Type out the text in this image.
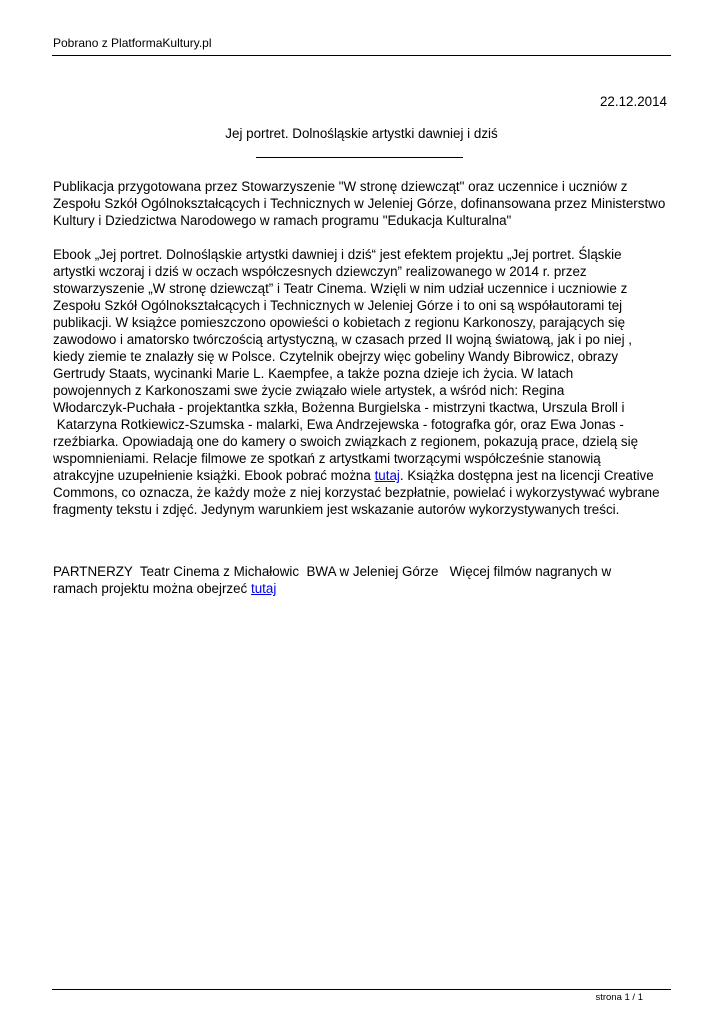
Pobrano z PlatformaKultury.pl
22.12.2014
Jej portret. Dolnośląskie artystki dawniej i dziś
Publikacja przygotowana przez Stowarzyszenie "W stronę dziewcząt" oraz uczennice i uczniów z
Zespołu Szkół Ogólnokształcących i Technicznych w Jeleniej Górze, dofinansowana przez Ministerstwo
Kultury i Dziedzictwa Narodowego w ramach programu "Edukacja Kulturalna"
Ebook „Jej portret. Dolnośląskie artystki dawniej i dziś“ jest efektem projektu „Jej portret. Śląskie
artystki wczoraj i dziś w oczach współczesnych dziewczyn” realizowanego w 2014 r. przez
stowarzyszenie „W stronę dziewcząt” i Teatr Cinema. Wzięli w nim udział uczennice i uczniowie z
Zespołu Szkół Ogólnokształcących i Technicznych w Jeleniej Górze i to oni są współautorami tej
publikacji. W książce pomieszczono opowieści o kobietach z regionu Karkonoszy, parających się
zawodowo i amatorsko twórczością artystyczną, w czasach przed II wojną światową, jak i po niej ,
kiedy ziemie te znalazły się w Polsce. Czytelnik obejrzy więc gobeliny Wandy Bibrowicz, obrazy
Gertrudy Staats, wycinanki Marie L. Kaempfee, a także pozna dzieje ich życia. W latach
powojennych z Karkonoszami swe życie związało wiele artystek, a wśród nich: Regina
Włodarczyk-Puchała - projektantka szkła, Bożenna Burgielska - mistrzyni tkactwa, Urszula Broll i
Katarzyna Rotkiewicz-Szumska - malarki, Ewa Andrzejewska - fotografka gór, oraz Ewa Jonas -
rzeźbiarka. Opowiadają one do kamery o swoich związkach z regionem, pokazują prace, dzielą się
wspomnieniami. Relacje filmowe ze spotkań z artystkami tworzącymi współcześnie stanowią
atrakcyjne uzupełnienie książki. Ebook pobrać można tutaj. Książka dostępna jest na licencji Creative
Commons, co oznacza, że każdy może z niej korzystać bezpłatnie, powielać i wykorzystywać wybrane
fragmenty tekstu i zdjęć. Jedynym warunkiem jest wskazanie autorów wykorzystywanych treści.
PARTNERZY  Teatr Cinema z Michałowic  BWA w Jeleniej Górze   Więcej filmów nagranych w
ramach projektu można obejrzeć tutaj
strona 1 / 1
